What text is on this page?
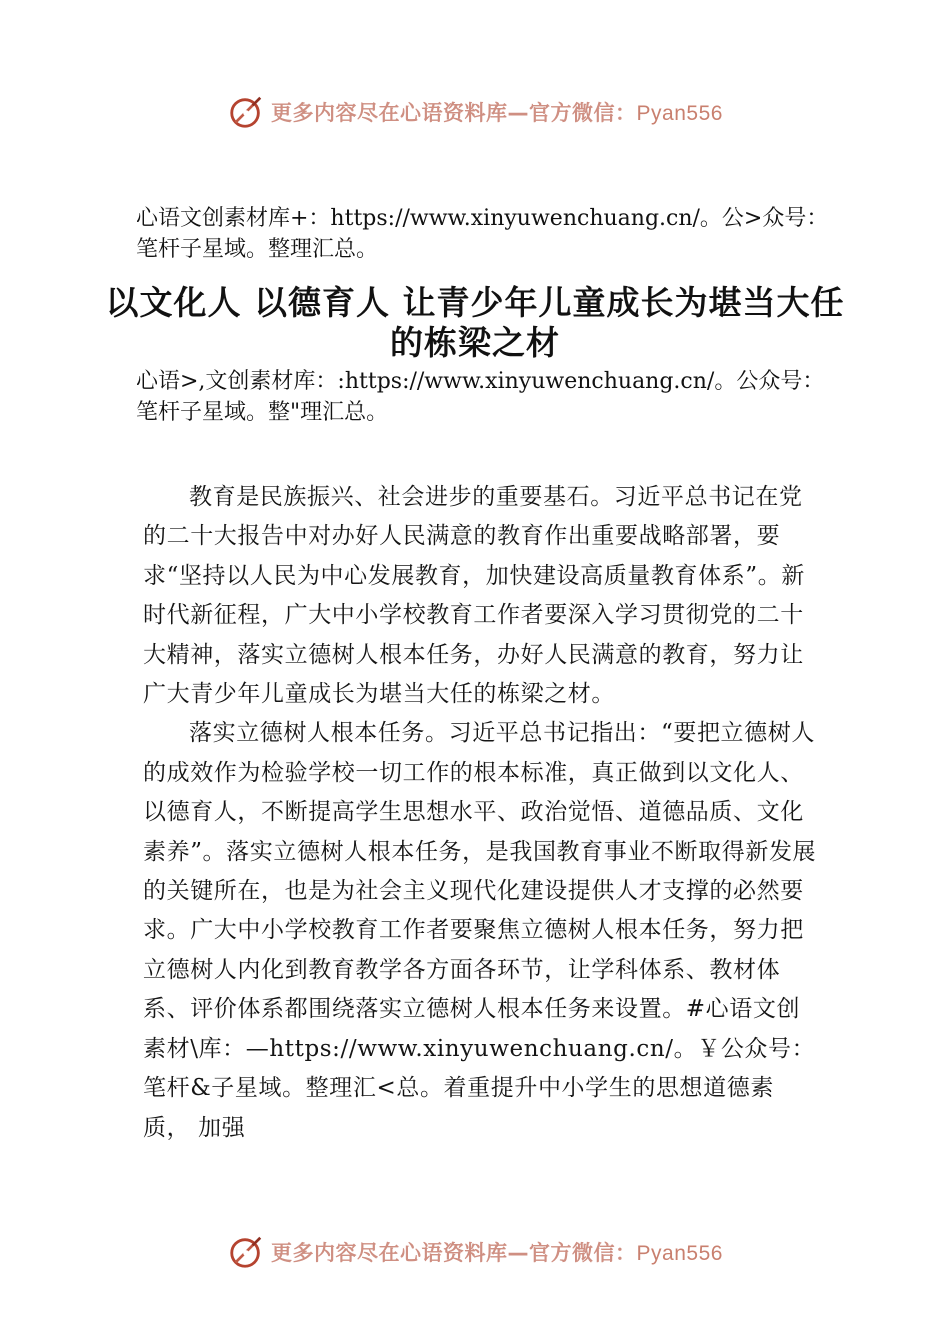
更多内容尽在心语资料库—官方微信：Pyan556
心语文创素材库+：https://www.xinyuwenchuang.cn/。公>众号：笔杆子星域。整理汇总。
以文化人 以德育人 让青少年儿童成长为堪当大任的栋梁之材
心语>,文创素材库：:https://www.xinyuwenchuang.cn/。公众号：笔杆子星域。整"理汇总。

教育是民族振兴、社会进步的重要基石。习近平总书记在党的二十大报告中对办好人民满意的教育作出重要战略部署，要求“坚持以人民为中心发展教育，加快建设高质量教育体系”。新时代新征程，广大中小学校教育工作者要深入学习贯彻党的二十大精神，落实立德树人根本任务，办好人民满意的教育，努力让广大青少年儿童成长为堪当大任的栋梁之材。

落实立德树人根本任务。习近平总书记指出：“要把立德树人的成效作为检验学校一切工作的根本标准，真正做到以文化人、以德育人，不断提高学生思想水平、政治觉悟、道德品质、文化素养”。落实立德树人根本任务，是我国教育事业不断取得新发展的关键所在，也是为社会主义现代化建设提供人才支撑的必然要求。广大中小学校教育工作者要聚焦立德树人根本任务，努力把立德树人内化到教育教学各方面各环节，让学科体系、教材体系、评价体系都围绕落实立德树人根本任务来设置。#心语文创素材\库：—https://www.xinyuwenchuang.cn/。￥公众号：笔杆&子星域。整理汇<总。着重提升中小学生的思想道德素质， 加强

更多内容尽在心语资料库—官方微信：Pyan556
